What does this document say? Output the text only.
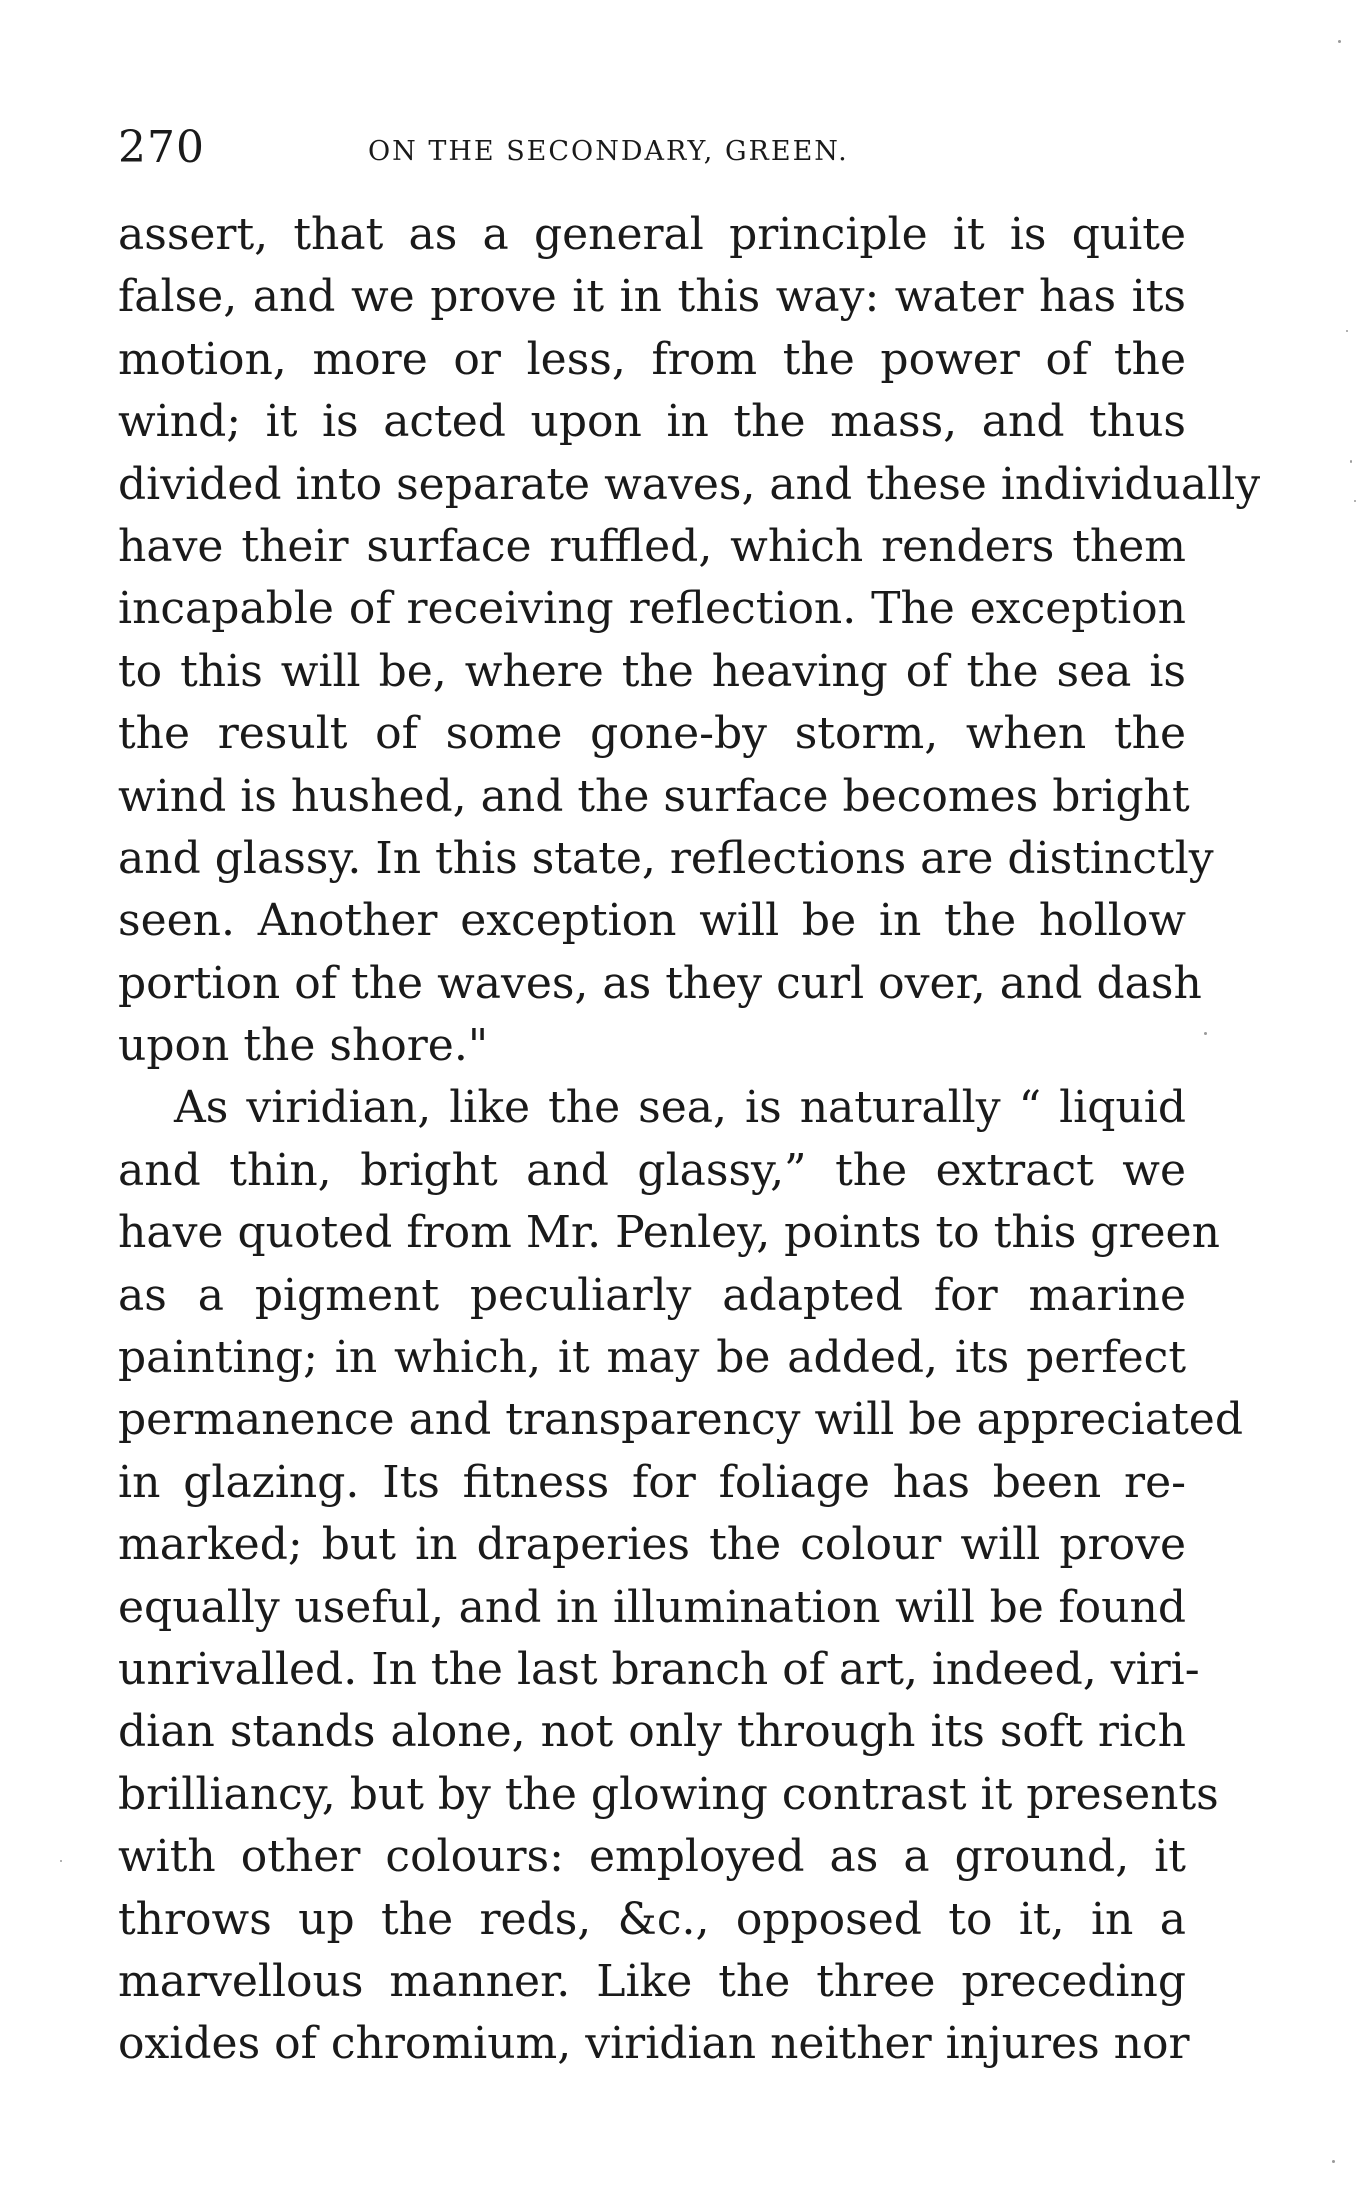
270	ON THE SECONDARY, GREEN.
assert, that as a general principle it is quite
false, and we prove it in this way: water has its
motion, more or less, from the power of the
wind; it is acted upon in the mass, and thus
divided into separate waves, and these individually
have their surface ruffled, which renders them
incapable of receiving reflection. The exception
to this will be, where the heaving of the sea is
the result of some gone-by storm, when the
wind is hushed, and the surface becomes bright
and glassy. In this state, reflections are distinctly
seen. Another exception will be in the hollow
portion of the waves, as they curl over, and dash
upon the shore."
As viridian, like the sea, is naturally “ liquid
and thin, bright and glassy,” the extract we
have quoted from Mr. Penley, points to this green
as a pigment peculiarly adapted for marine
painting; in which, it may be added, its perfect
permanence and transparency will be appreciated
in glazing. Its fitness for foliage has been re-
marked; but in draperies the colour will prove
equally useful, and in illumination will be found
unrivalled. In the last branch of art, indeed, viri-
dian stands alone, not only through its soft rich
brilliancy, but by the glowing contrast it presents
with other colours: employed as a ground, it
throws up the reds, &c., opposed to it, in a
marvellous manner. Like the three preceding
oxides of chromium, viridian neither injures nor
